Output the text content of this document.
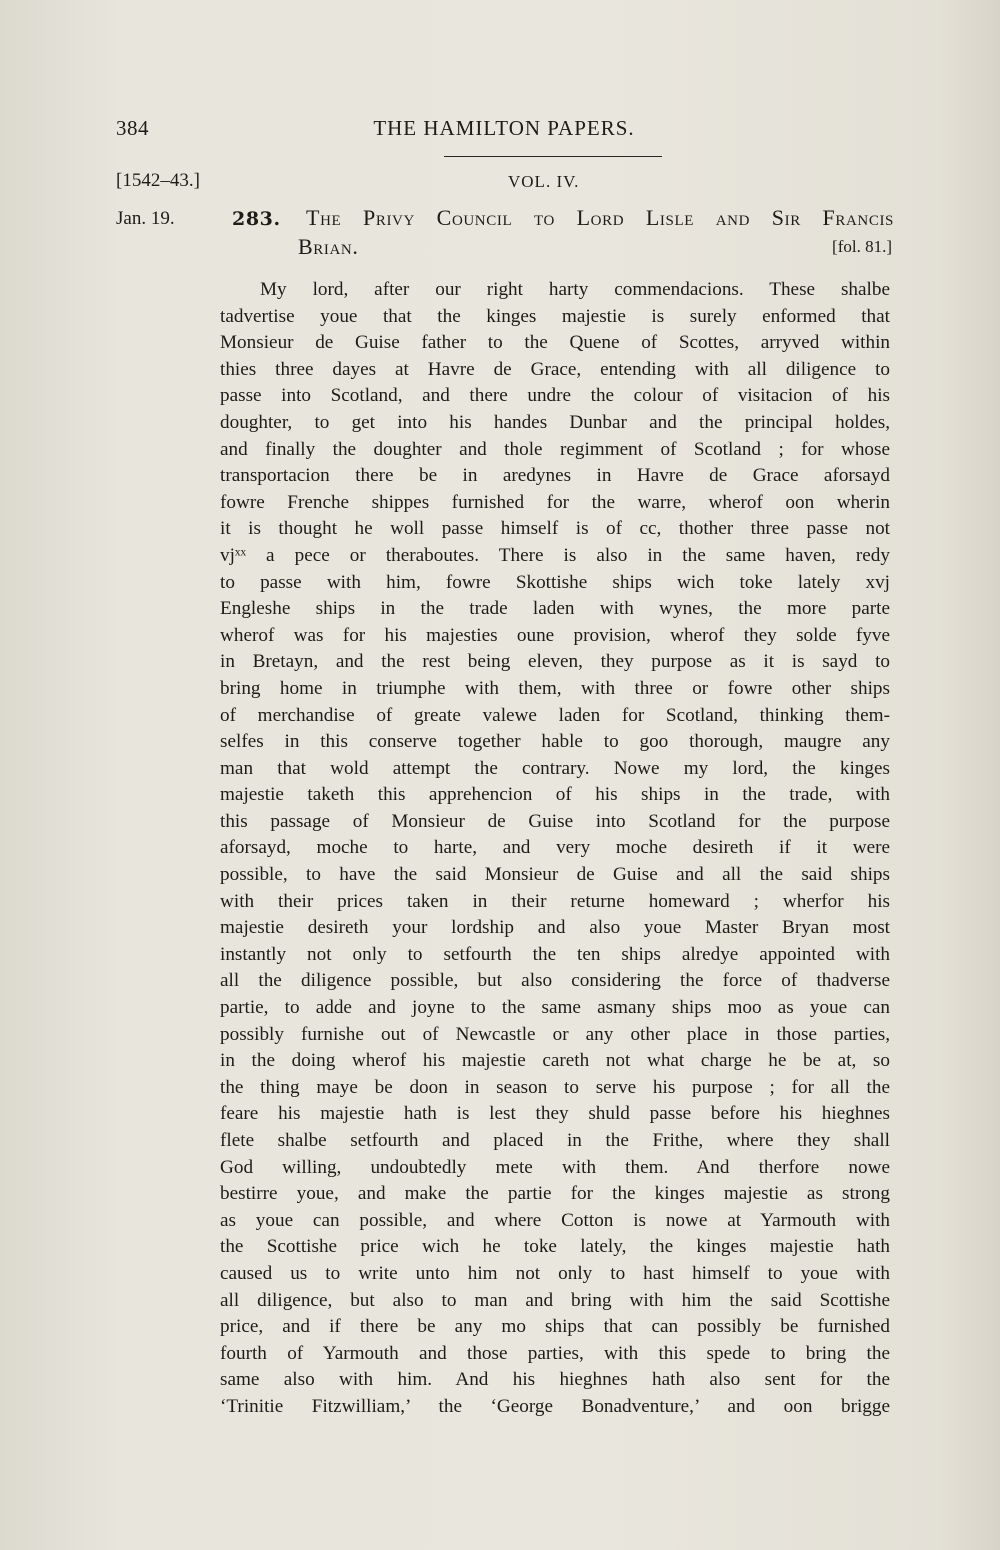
384	THE HAMILTON PAPERS.
[1542–43.]	VOL. IV.
Jan. 19.	283. The Privy Council to Lord Lisle and Sir Francis
Brian.	[fol. 81.]
My lord, after our right harty commendacions. These shalbe
tadvertise youe that the kinges majestie is surely enformed that
Monsieur de Guise father to the Quene of Scottes, arryved within
thies three dayes at Havre de Grace, entending with all diligence to
passe into Scotland, and there undre the colour of visitacion of his
doughter, to get into his handes Dunbar and the principal holdes,
and finally the doughter and thole regimment of Scotland ; for whose
transportacion there be in aredynes in Havre de Grace aforsayd
fowre Frenche shippes furnished for the warre, wherof oon wherin
it is thought he woll passe himself is of cc, thother three passe not
vjˣˣ a pece or theraboutes. There is also in the same haven, redy
to passe with him, fowre Skottishe ships wich toke lately xvj
Engleshe ships in the trade laden with wynes, the more parte
wherof was for his majesties oune provision, wherof they solde fyve
in Bretayn, and the rest being eleven, they purpose as it is sayd to
bring home in triumphe with them, with three or fowre other ships
of merchandise of greate valewe laden for Scotland, thinking them-
selfes in this conserve together hable to goo thorough, maugre any
man that wold attempt the contrary. Nowe my lord, the kinges
majestie taketh this apprehencion of his ships in the trade, with
this passage of Monsieur de Guise into Scotland for the purpose
aforsayd, moche to harte, and very moche desireth if it were
possible, to have the said Monsieur de Guise and all the said ships
with their prices taken in their returne homeward ; wherfor his
majestie desireth your lordship and also youe Master Bryan most
instantly not only to setfourth the ten ships alredye appointed with
all the diligence possible, but also considering the force of thadverse
partie, to adde and joyne to the same asmany ships moo as youe can
possibly furnishe out of Newcastle or any other place in those parties,
in the doing wherof his majestie careth not what charge he be at, so
the thing maye be doon in season to serve his purpose ; for all the
feare his majestie hath is lest they shuld passe before his hieghnes
flete shalbe setfourth and placed in the Frithe, where they shall
God willing, undoubtedly mete with them. And therfore nowe
bestirre youe, and make the partie for the kinges majestie as strong
as youe can possible, and where Cotton is nowe at Yarmouth with
the Scottishe price wich he toke lately, the kinges majestie hath
caused us to write unto him not only to hast himself to youe with
all diligence, but also to man and bring with him the said Scottishe
price, and if there be any mo ships that can possibly be furnished
fourth of Yarmouth and those parties, with this spede to bring the
same also with him. And his hieghnes hath also sent for the
‘Trinitie Fitzwilliam,’ the ‘George Bonadventure,’ and oon brigge
